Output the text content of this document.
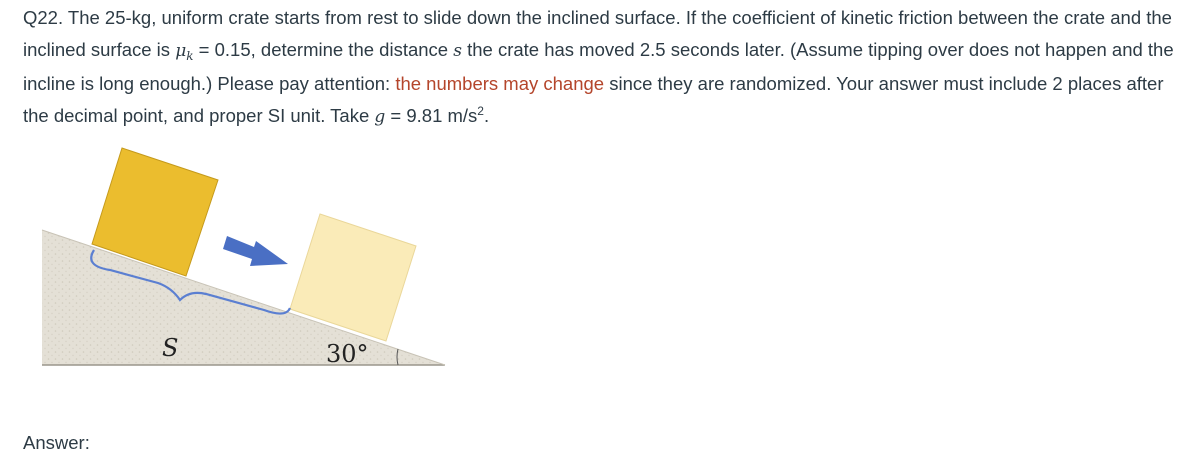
Q22. The 25-kg, uniform crate starts from rest to slide down the inclined surface. If the coefficient of kinetic friction between the crate and the inclined surface is $\mu_k = 0.15$, determine the distance s the crate has moved 2.5 seconds later. (Assume tipping over does not happen and the incline is long enough.) Please pay attention: the numbers may change since they are randomized. Your answer must include 2 places after the decimal point, and proper SI unit. Take g = 9.81 $m/s^2$.

S	30°

Answer:
